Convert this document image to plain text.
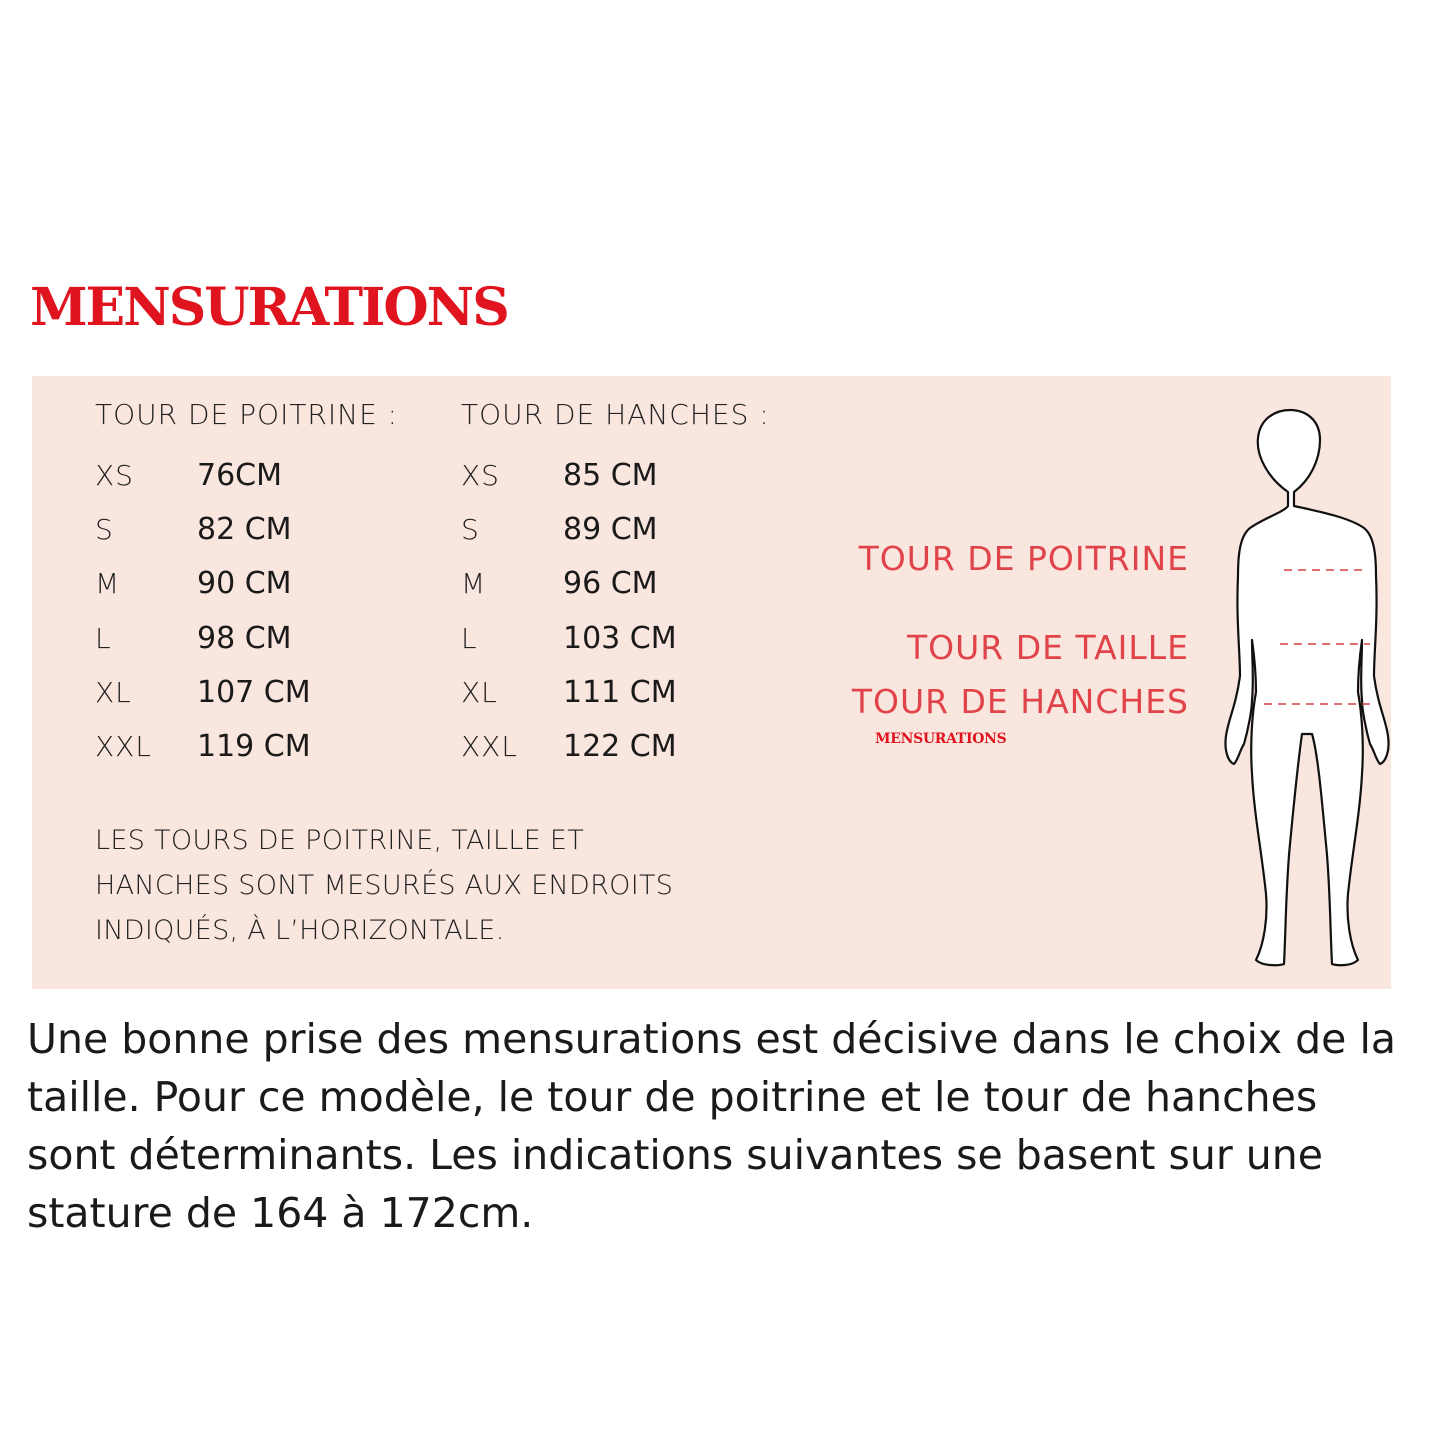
MENSURATIONS

TOUR DE POITRINE :

XS	76CM
S	82 CM
M	90 CM
L	98 CM
XL	107 CM
XXL	119 CM

TOUR DE HANCHES :

XS	85 CM
S	89 CM
M	96 CM
L	103 CM
XL	111 CM
XXL	122 CM

LES TOURS DE POITRINE, TAILLE ET
HANCHES SONT MESURÉS AUX ENDROITS
INDIQUÉS, À L’HORIZONTALE.

TOUR DE POITRINE
TOUR DE TAILLE
TOUR DE HANCHES
MENSURATIONS

Une bonne prise des mensurations est décisive dans le choix de la
taille. Pour ce modèle, le tour de poitrine et le tour de hanches
sont déterminants. Les indications suivantes se basent sur une
stature de 164 à 172cm.
